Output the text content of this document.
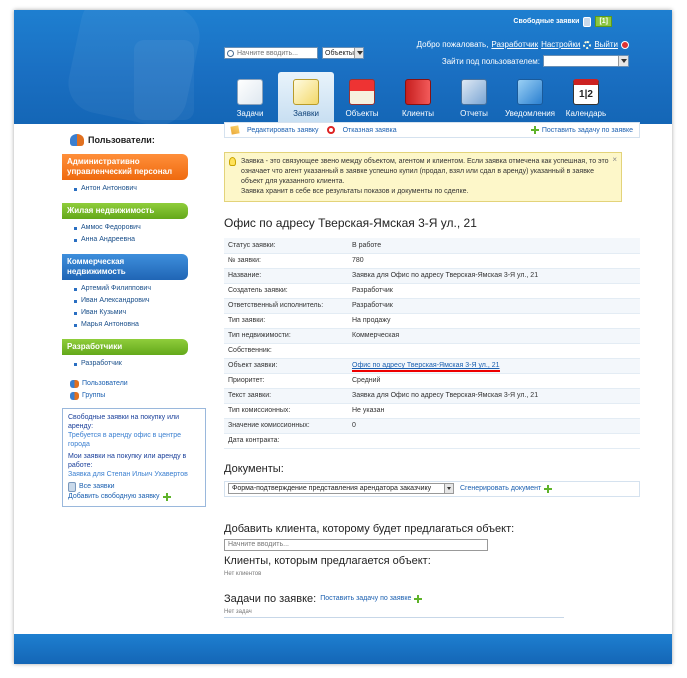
Свободные заявки	[1]
Начните вводить...
Объекты
Добро пожаловать, Разработчик Настройки Выйти
Зайти под пользователем: Не выбрам...
Задачи	Заявки	Объекты	Клиенты	Отчеты Уведомления
1|2
Календарь
Пользователи:
Административно управленческий персонал
Антон Антонович
Жилая недвижимость
Аммос Федорович
Анна Андреевна
Коммерческая недвижимость
Артемий Филиппович
Иван Александрович
Иван Кузьмич
Марья Антоновна
Разработчики
Разработчик
Пользователи
Группы
Свободные заявки на покупку или аренду:
Требуется в аренду офис в центре города
Мои заявки на покупку или аренду в работе:
Заявка для Степан Ильич Ухавертов
Все заявки
Добавить свободную заявку
Редактировать заявку	Отказная заявка	Поставить задачу по заявке
×
Заявка - это связующее звено между объектом, агентом и клиентом. Если заявка отмечена как успешная, то это означает что агент указанный в заявке успешно купил (продал, взял или сдал в аренду) указанный в заявке объект для указанного клиента.
Заявка хранит в себе все результаты показов и документы по сделке.
Офис по адресу Тверская-Ямская 3-Я ул., 21
Статус заявки:	В работе
№ заявки:	780
Название:	Заявка для Офис по адресу Тверская-Ямская 3-Я ул., 21
Создатель заявки:	Разработчик
Ответственный исполнитель:	Разработчик
Тип заявки:	На продажу
Тип недвижимости:	Коммерческая
Собственник:	
Объект заявки:	Офис по адресу Тверская-Ямская 3-Я ул., 21
Приоритет:	Средний
Текст заявки:	Заявка для Офис по адресу Тверская-Ямская 3-Я ул., 21
Тип комиссионных:	Не указан
Значение комиссионных:	0
Дата контракта:	
Документы:
Форма-подтверждение представления арендатора заказчику	Сгенерировать документ
Добавить клиента, которому будет предлагаться объект:
Начните вводить...
Клиенты, которым предлагается объект:
Нет клиентов
Задачи по заявке: Поставить задачу по заявке
Нет задач
